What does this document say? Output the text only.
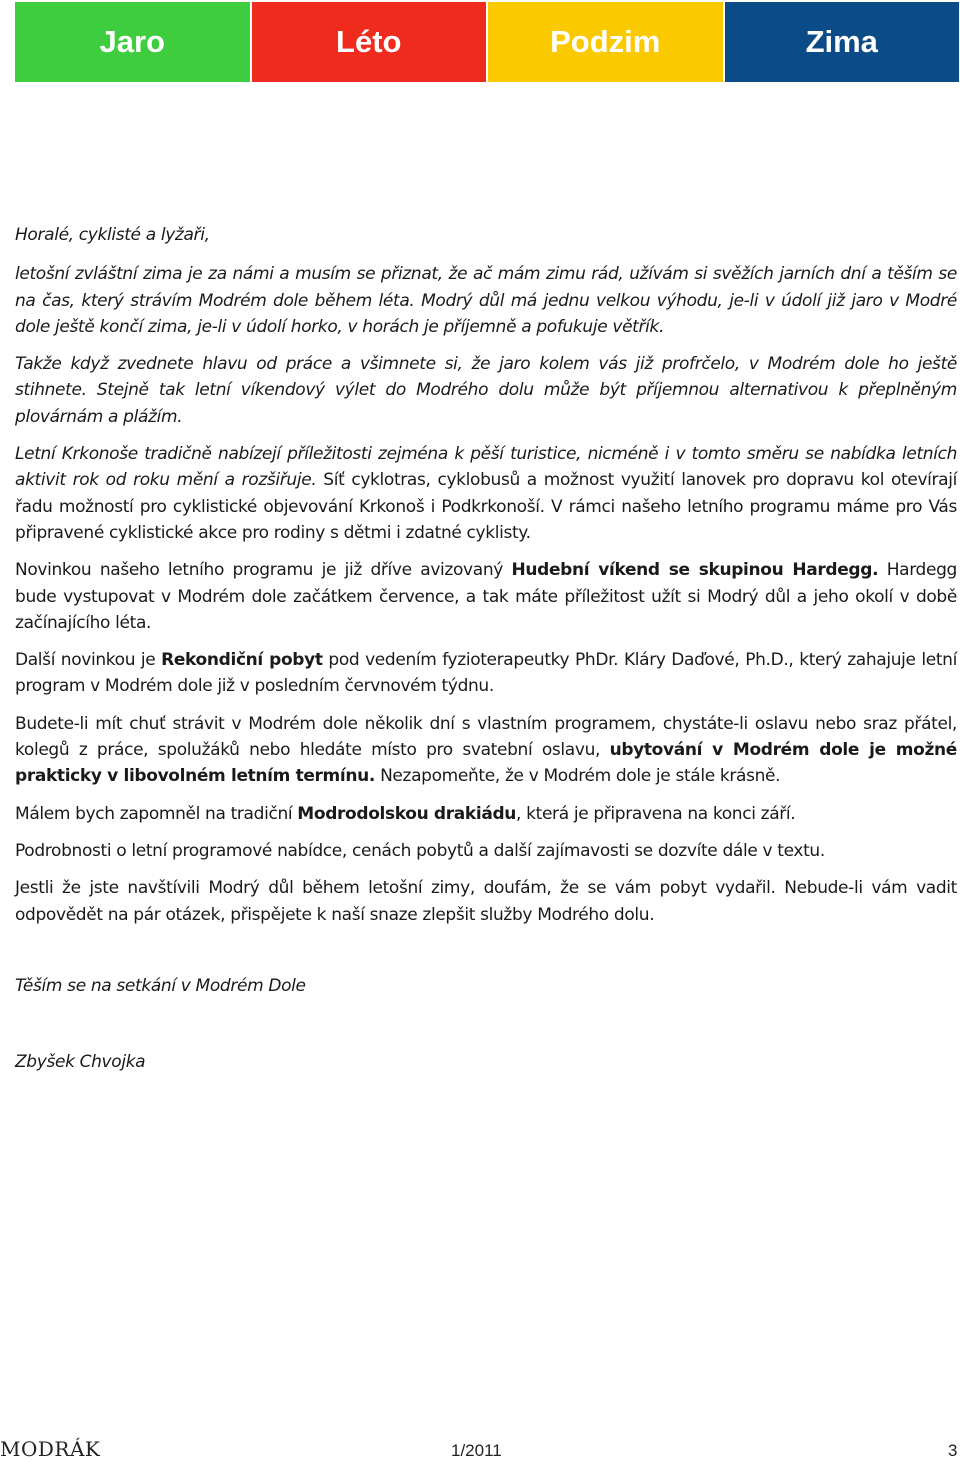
Jaro	Léto	Podzim	Zima

Horalé, cyklisté a lyžaři,

letošní zvláštní zima je za námi a musím se přiznat, že ač mám zimu rád, užívám si svěžích jarních dní a těším se na čas, který strávím Modrém dole během léta. Modrý důl má jednu velkou výhodu, je-li v údolí již jaro v Modré dole ještě končí zima, je-li v údolí horko, v horách je příjemně a pofukuje větřík.

Takže když zvednete hlavu od práce a všimnete si, že jaro kolem vás již profrčelo, v Modrém dole ho ještě stihnete. Stejně tak letní víkendový výlet do Modrého dolu může být příjemnou alternativou k přeplněným plovárnám a plážím.

Letní Krkonoše tradičně nabízejí příležitosti zejména k pěší turistice, nicméně i v tomto směru se nabídka letních aktivit rok od roku mění a rozšiřuje. Síť cyklotras, cyklobusů a možnost využití lanovek pro dopravu kol otevírají řadu možností pro cyklistické objevování Krkonoš i Podkrkonoší. V rámci našeho letního programu máme pro Vás připravené cyklistické akce pro rodiny s dětmi i zdatné cyklisty.

Novinkou našeho letního programu je již dříve avizovaný Hudební víkend se skupinou Hardegg. Hardegg bude vystupovat v Modrém dole začátkem července, a tak máte příležitost užít si Modrý důl a jeho okolí v době začínajícího léta.

Další novinkou je Rekondiční pobyt pod vedením fyzioterapeutky PhDr. Kláry Daďové, Ph.D., který zahajuje letní program v Modrém dole již v posledním červnovém týdnu.

Budete-li mít chuť strávit v Modrém dole několik dní s vlastním programem, chystáte-li oslavu nebo sraz přátel, kolegů z práce, spolužáků nebo hledáte místo pro svatební oslavu, ubytování v Modrém dole je možné prakticky v libovolném letním termínu. Nezapomeňte, že v Modrém dole je stále krásně.

Málem bych zapomněl na tradiční Modrodolskou drakiádu, která je připravena na konci září.

Podrobnosti o letní programové nabídce, cenách pobytů a další zajímavosti se dozvíte dále v textu.

Jestli že jste navštívili Modrý důl během letošní zimy, doufám, že se vám pobyt vydařil. Nebude-li vám vadit odpovědět na pár otázek, přispějete k naší snaze zlepšit služby Modrého dolu.

Těším se na setkání v Modrém Dole

Zbyšek Chvojka

MODRÁK	1/2011	3
